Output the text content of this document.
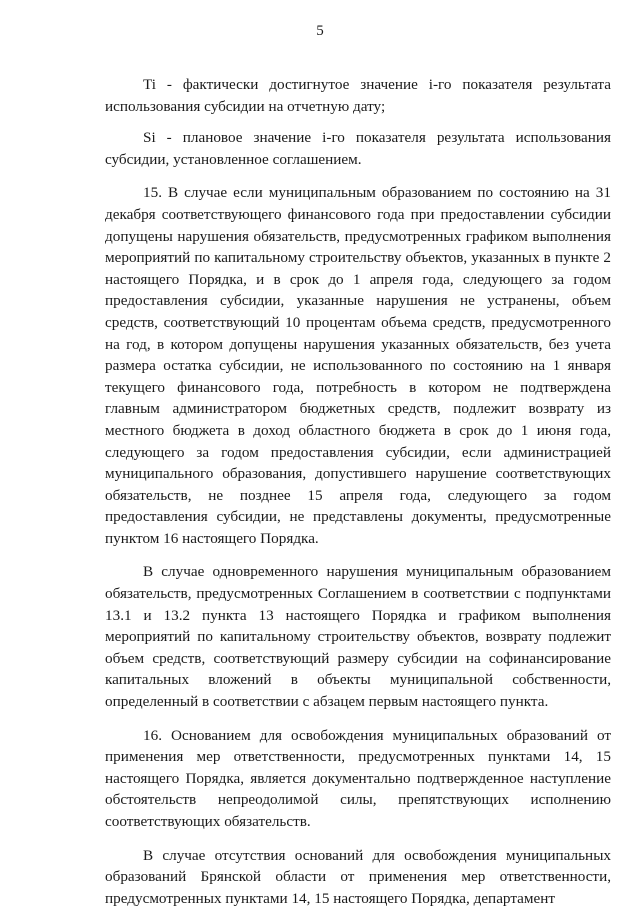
5

Ti - фактически достигнутое значение i-го показателя результата использования субсидии на отчетную дату;

Si - плановое значение i-го показателя результата использования субсидии, установленное соглашением.

15. В случае если муниципальным образованием по состоянию на 31 декабря соответствующего финансового года при предоставлении субсидии допущены нарушения обязательств, предусмотренных графиком выполнения мероприятий по капитальному строительству объектов, указанных в пункте 2 настоящего Порядка, и в срок до 1 апреля года, следующего за годом предоставления субсидии, указанные нарушения не устранены, объем средств, соответствующий 10 процентам объема средств, предусмотренного на год, в котором допущены нарушения указанных обязательств, без учета размера остатка субсидии, не использованного по состоянию на 1 января текущего финансового года, потребность в котором не подтверждена главным администратором бюджетных средств, подлежит возврату из местного бюджета в доход областного бюджета в срок до 1 июня года, следующего за годом предоставления субсидии, если администрацией муниципального образования, допустившего нарушение соответствующих обязательств, не позднее 15 апреля года, следующего за годом предоставления субсидии, не представлены документы, предусмотренные пунктом 16 настоящего Порядка.

В случае одновременного нарушения муниципальным образованием обязательств, предусмотренных Соглашением в соответствии с подпунктами 13.1 и 13.2 пункта 13 настоящего Порядка и графиком выполнения мероприятий по капитальному строительству объектов, возврату подлежит объем средств, соответствующий размеру субсидии на софинансирование капитальных вложений в объекты муниципальной собственности, определенный в соответствии с абзацем первым настоящего пункта.

16. Основанием для освобождения муниципальных образований от применения мер ответственности, предусмотренных пунктами 14, 15 настоящего Порядка, является документально подтвержденное наступление обстоятельств непреодолимой силы, препятствующих исполнению соответствующих обязательств.

В случае отсутствия оснований для освобождения муниципальных образований Брянской области от применения мер ответственности, предусмотренных пунктами 14, 15 настоящего Порядка, департамент
